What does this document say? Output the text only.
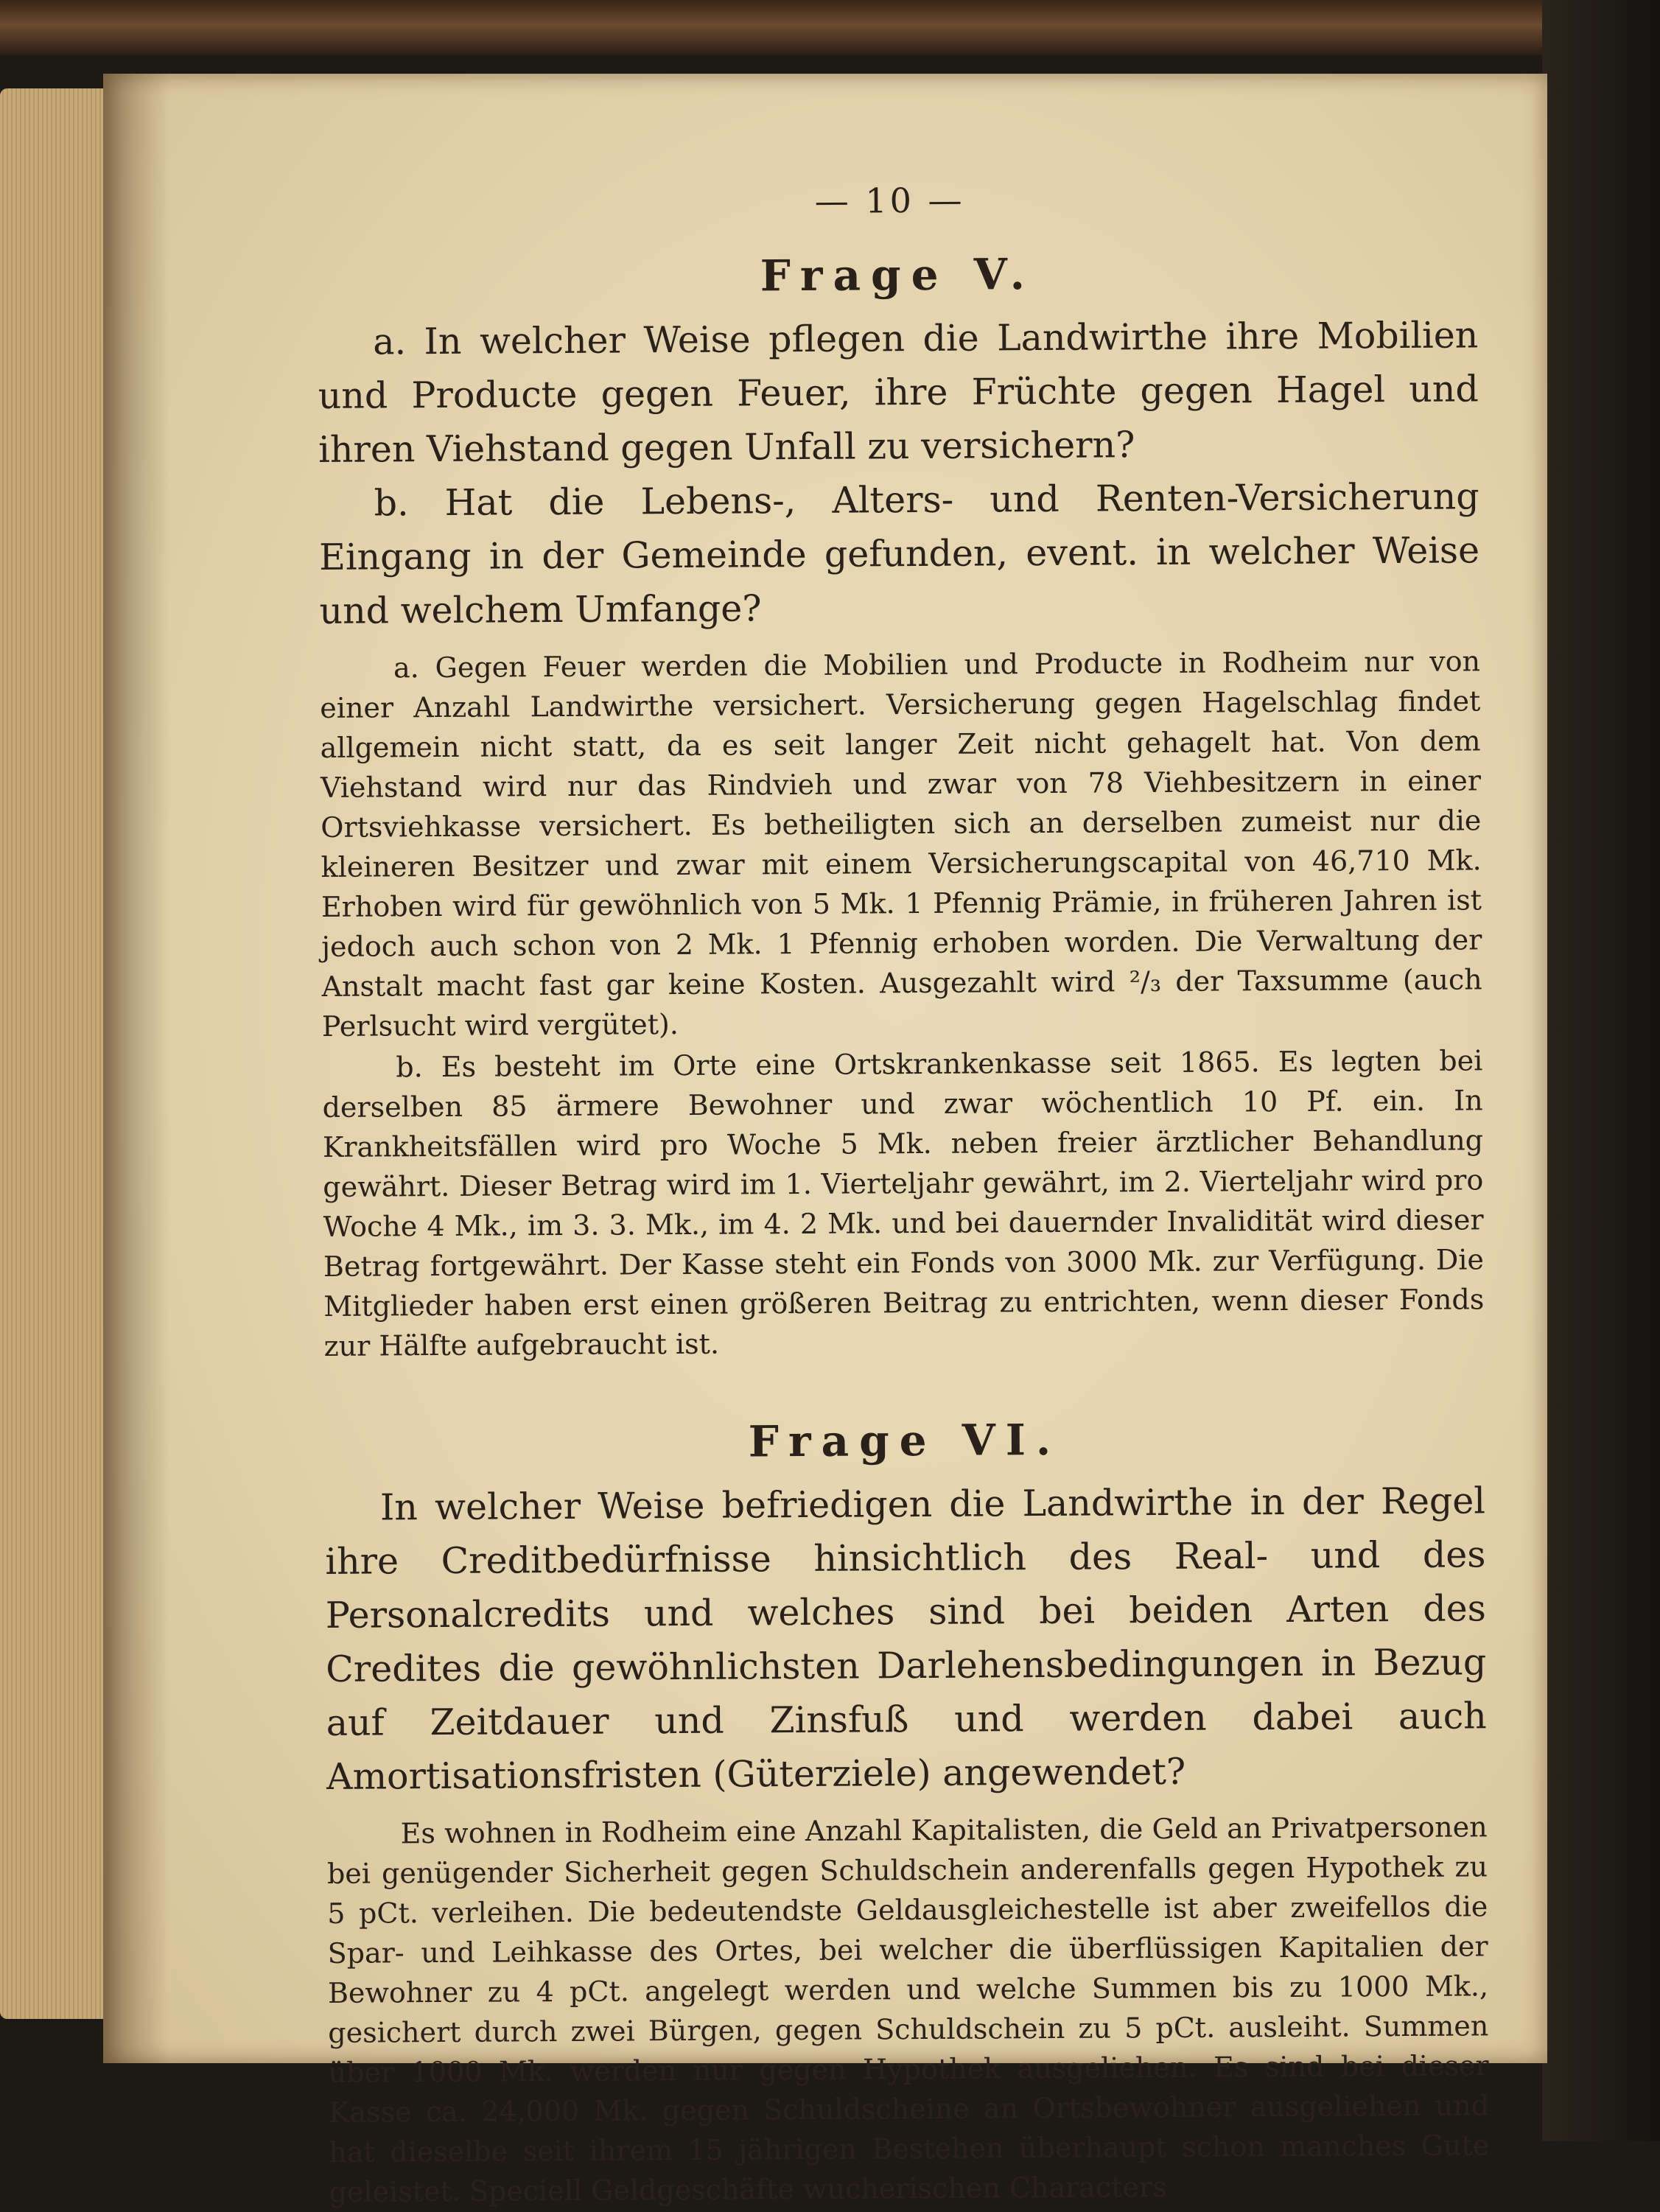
— 10 —
Frage V.

a. In welcher Weise pflegen die Landwirthe ihre Mobilien und Producte gegen Feuer, ihre Früchte gegen Hagel und ihren Viehstand gegen Unfall zu versichern?

b. Hat die Lebens-, Alters- und Renten-Versicherung Eingang in der Gemeinde gefunden, event. in welcher Weise und welchem Umfange?

a. Gegen Feuer werden die Mobilien und Producte in Rodheim nur von einer Anzahl Landwirthe versichert. Versicherung gegen Hagelschlag findet allgemein nicht statt, da es seit langer Zeit nicht gehagelt hat. Von dem Viehstand wird nur das Rindvieh und zwar von 78 Viehbesitzern in einer Ortsviehkasse versichert. Es betheiligten sich an derselben zumeist nur die kleineren Besitzer und zwar mit einem Versicherungscapital von 46,710 Mk. Erhoben wird für gewöhnlich von 5 Mk. 1 Pfennig Prämie, in früheren Jahren ist jedoch auch schon von 2 Mk. 1 Pfennig erhoben worden. Die Verwaltung der Anstalt macht fast gar keine Kosten. Ausgezahlt wird ²/₃ der Taxsumme (auch Perlsucht wird vergütet).

b. Es besteht im Orte eine Ortskrankenkasse seit 1865. Es legten bei derselben 85 ärmere Bewohner und zwar wöchentlich 10 Pf. ein. In Krankheitsfällen wird pro Woche 5 Mk. neben freier ärztlicher Behandlung gewährt. Dieser Betrag wird im 1. Vierteljahr gewährt, im 2. Vierteljahr wird pro Woche 4 Mk., im 3. 3. Mk., im 4. 2 Mk. und bei dauernder Invalidität wird dieser Betrag fortgewährt. Der Kasse steht ein Fonds von 3000 Mk. zur Verfügung. Die Mitglieder haben erst einen größeren Beitrag zu entrichten, wenn dieser Fonds zur Hälfte aufgebraucht ist.

Frage VI.

In welcher Weise befriedigen die Landwirthe in der Regel ihre Creditbedürfnisse hinsichtlich des Real- und des Personalcredits und welches sind bei beiden Arten des Credites die gewöhnlichsten Darlehensbedingungen in Bezug auf Zeitdauer und Zinsfuß und werden dabei auch Amortisationsfristen (Güterziele) angewendet?

Es wohnen in Rodheim eine Anzahl Kapitalisten, die Geld an Privatpersonen bei genügender Sicherheit gegen Schuldschein anderenfalls gegen Hypothek zu 5 pCt. verleihen. Die bedeutendste Geldausgleichestelle ist aber zweifellos die Spar- und Leihkasse des Ortes, bei welcher die überflüssigen Kapitalien der Bewohner zu 4 pCt. angelegt werden und welche Summen bis zu 1000 Mk., gesichert durch zwei Bürgen, gegen Schuldschein zu 5 pCt. ausleiht. Summen über 1000 Mk. werden nur gegen Hypothek ausgeliehen. Es sind bei dieser Kasse ca. 24,000 Mk. gegen Schuldscheine an Ortsbewohner ausgeliehen und hat dieselbe seit ihrem 15 jährigen Bestehen überhaupt schon manches Gute geleistet. Speciell Geldgeschäfte wucherischen Characters
